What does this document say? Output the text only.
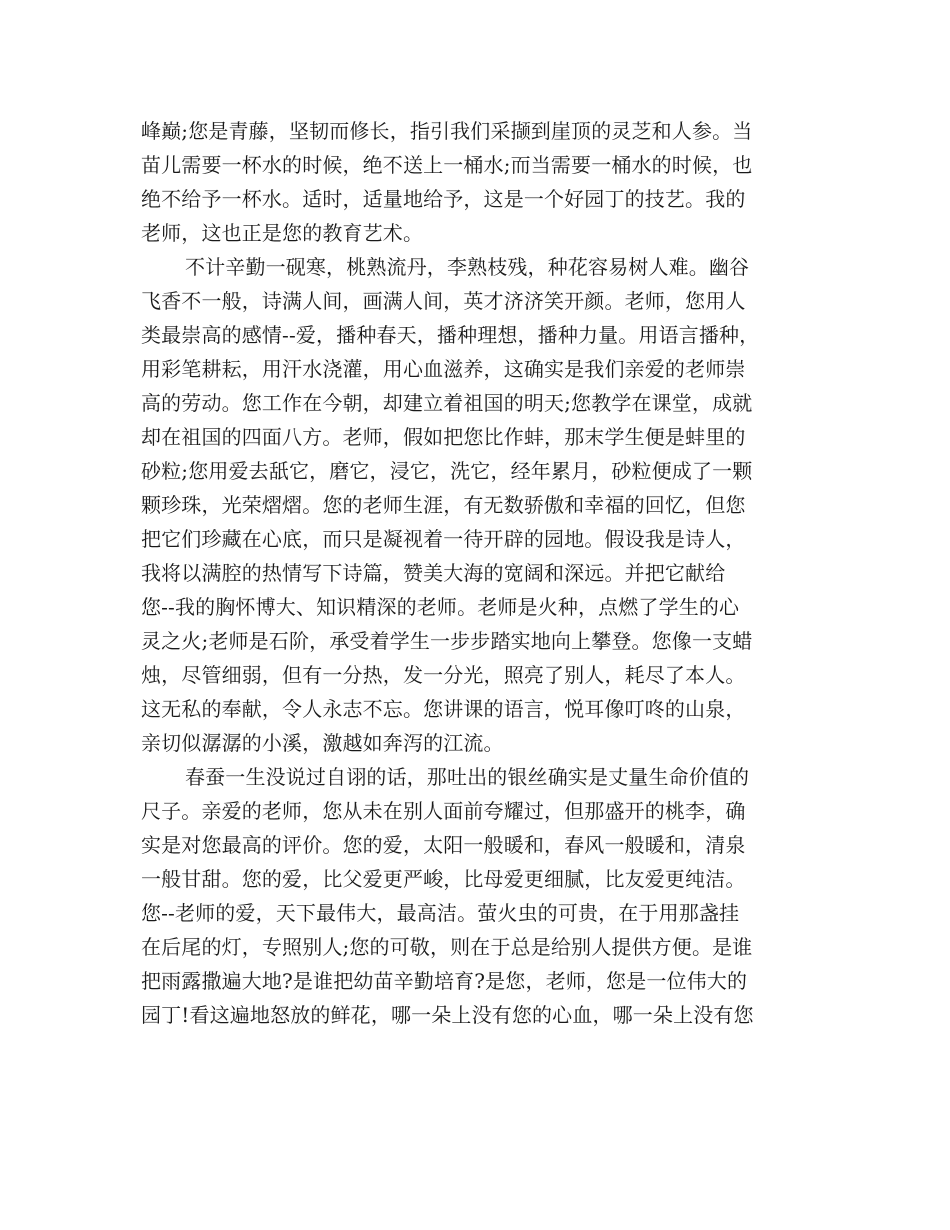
峰巅;您是青藤，坚韧而修长，指引我们采撷到崖顶的灵芝和人参。当
苗儿需要一杯水的时候，绝不送上一桶水;而当需要一桶水的时候，也
绝不给予一杯水。适时，适量地给予，这是一个好园丁的技艺。我的
老师，这也正是您的教育艺术。
不计辛勤一砚寒，桃熟流丹，李熟枝残，种花容易树人难。幽谷
飞香不一般，诗满人间，画满人间，英才济济笑开颜。老师，您用人
类最崇高的感情--爱，播种春天，播种理想，播种力量。用语言播种，
用彩笔耕耘，用汗水浇灌，用心血滋养，这确实是我们亲爱的老师崇
高的劳动。您工作在今朝，却建立着祖国的明天;您教学在课堂，成就
却在祖国的四面八方。老师，假如把您比作蚌，那末学生便是蚌里的
砂粒;您用爱去舐它，磨它，浸它，洗它，经年累月，砂粒便成了一颗
颗珍珠，光荣熠熠。您的老师生涯，有无数骄傲和幸福的回忆，但您
把它们珍藏在心底，而只是凝视着一待开辟的园地。假设我是诗人，
我将以满腔的热情写下诗篇，赞美大海的宽阔和深远。并把它献给
您--我的胸怀博大、知识精深的老师。老师是火种，点燃了学生的心
灵之火;老师是石阶，承受着学生一步步踏实地向上攀登。您像一支蜡
烛，尽管细弱，但有一分热，发一分光，照亮了别人，耗尽了本人。
这无私的奉献，令人永志不忘。您讲课的语言，悦耳像叮咚的山泉，
亲切似潺潺的小溪，激越如奔泻的江流。
春蚕一生没说过自诩的话，那吐出的银丝确实是丈量生命价值的
尺子。亲爱的老师，您从未在别人面前夸耀过，但那盛开的桃李，确
实是对您最高的评价。您的爱，太阳一般暖和，春风一般暖和，清泉
一般甘甜。您的爱，比父爱更严峻，比母爱更细腻，比友爱更纯洁。
您--老师的爱，天下最伟大，最高洁。萤火虫的可贵，在于用那盏挂
在后尾的灯，专照别人;您的可敬，则在于总是给别人提供方便。是谁
把雨露撒遍大地?是谁把幼苗辛勤培育?是您，老师，您是一位伟大的
园丁!看这遍地怒放的鲜花，哪一朵上没有您的心血，哪一朵上没有您
